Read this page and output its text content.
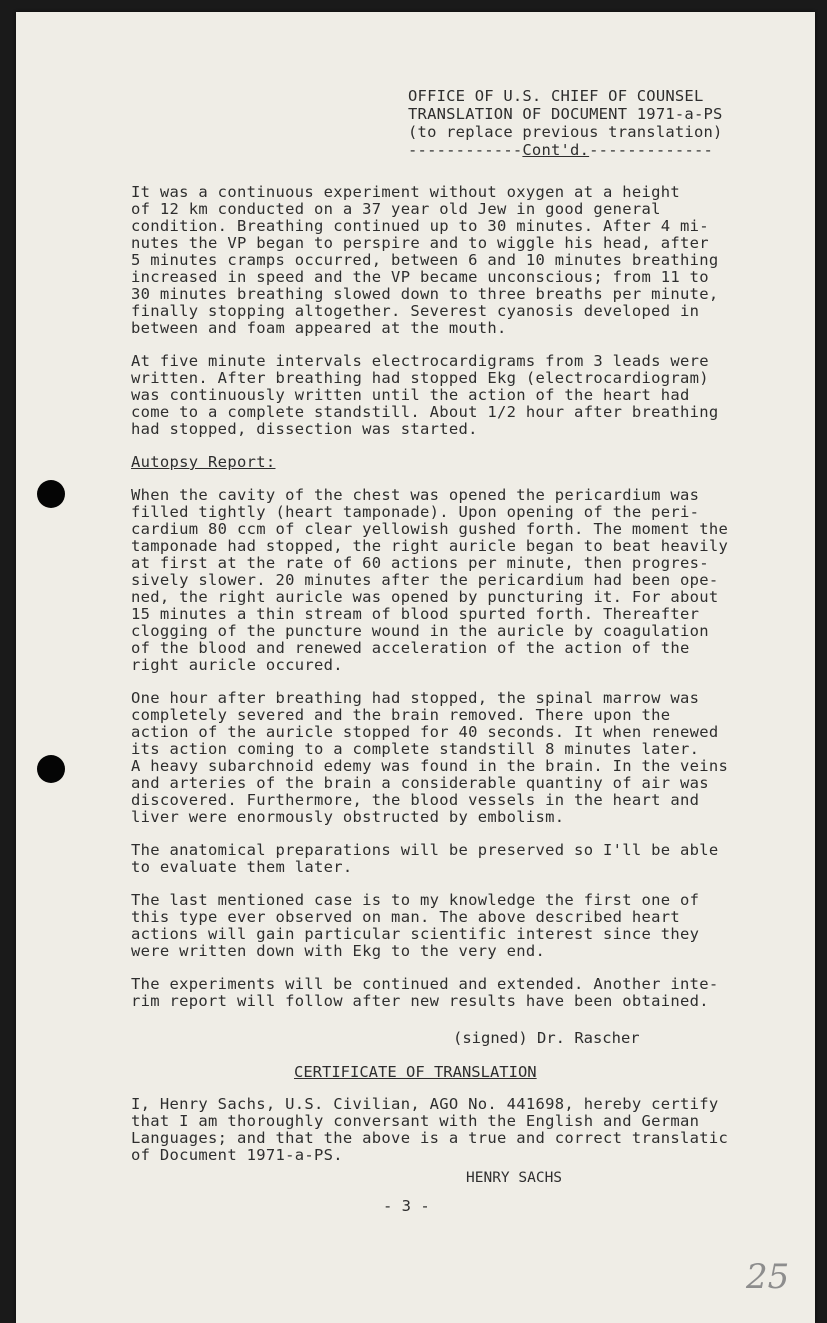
OFFICE OF U.S. CHIEF OF COUNSEL
TRANSLATION OF DOCUMENT 1971-a-PS
(to replace previous translation)
------------Cont'd.-------------

It was a continuous experiment without oxygen at a height
of 12 km conducted on a 37 year old Jew in good general
condition. Breathing continued up to 30 minutes. After 4 mi-
nutes the VP began to perspire and to wiggle his head, after
5 minutes cramps occurred, between 6 and 10 minutes breathing
increased in speed and the VP became unconscious; from 11 to
30 minutes breathing slowed down to three breaths per minute,
finally stopping altogether. Severest cyanosis developed in
between and foam appeared at the mouth.

At five minute intervals electrocardigrams from 3 leads were
written. After breathing had stopped Ekg (electrocardiogram)
was continuously written until the action of the heart had
come to a complete standstill. About 1/2 hour after breathing
had stopped, dissection was started.

Autopsy Report:

When the cavity of the chest was opened the pericardium was
filled tightly (heart tamponade). Upon opening of the peri-
cardium 80 ccm of clear yellowish gushed forth. The moment the
tamponade had stopped, the right auricle began to beat heavily
at first at the rate of 60 actions per minute, then progres-
sively slower. 20 minutes after the pericardium had been ope-
ned, the right auricle was opened by puncturing it. For about
15 minutes a thin stream of blood spurted forth. Thereafter
clogging of the puncture wound in the auricle by coagulation
of the blood and renewed acceleration of the action of the
right auricle occured.

One hour after breathing had stopped, the spinal marrow was
completely severed and the brain removed. There upon the
action of the auricle stopped for 40 seconds. It when renewed
its action coming to a complete standstill 8 minutes later.
A heavy subarchnoid edemy was found in the brain. In the veins
and arteries of the brain a considerable quantiny of air was
discovered. Furthermore, the blood vessels in the heart and
liver were enormously obstructed by embolism.

The anatomical preparations will be preserved so I'll be able
to evaluate them later.

The last mentioned case is to my knowledge the first one of
this type ever observed on man. The above described heart
actions will gain particular scientific interest since they
were written down with Ekg to the very end.

The experiments will be continued and extended. Another inte-
rim report will follow after new results have been obtained.

(signed) Dr. Rascher
CERTIFICATE OF TRANSLATION
I, Henry Sachs, U.S. Civilian, AGO No. 441698, hereby certify
that I am thoroughly conversant with the English and German
Languages; and that the above is a true and correct translatic
of Document 1971-a-PS.
HENRY SACHS
- 3 -
25
